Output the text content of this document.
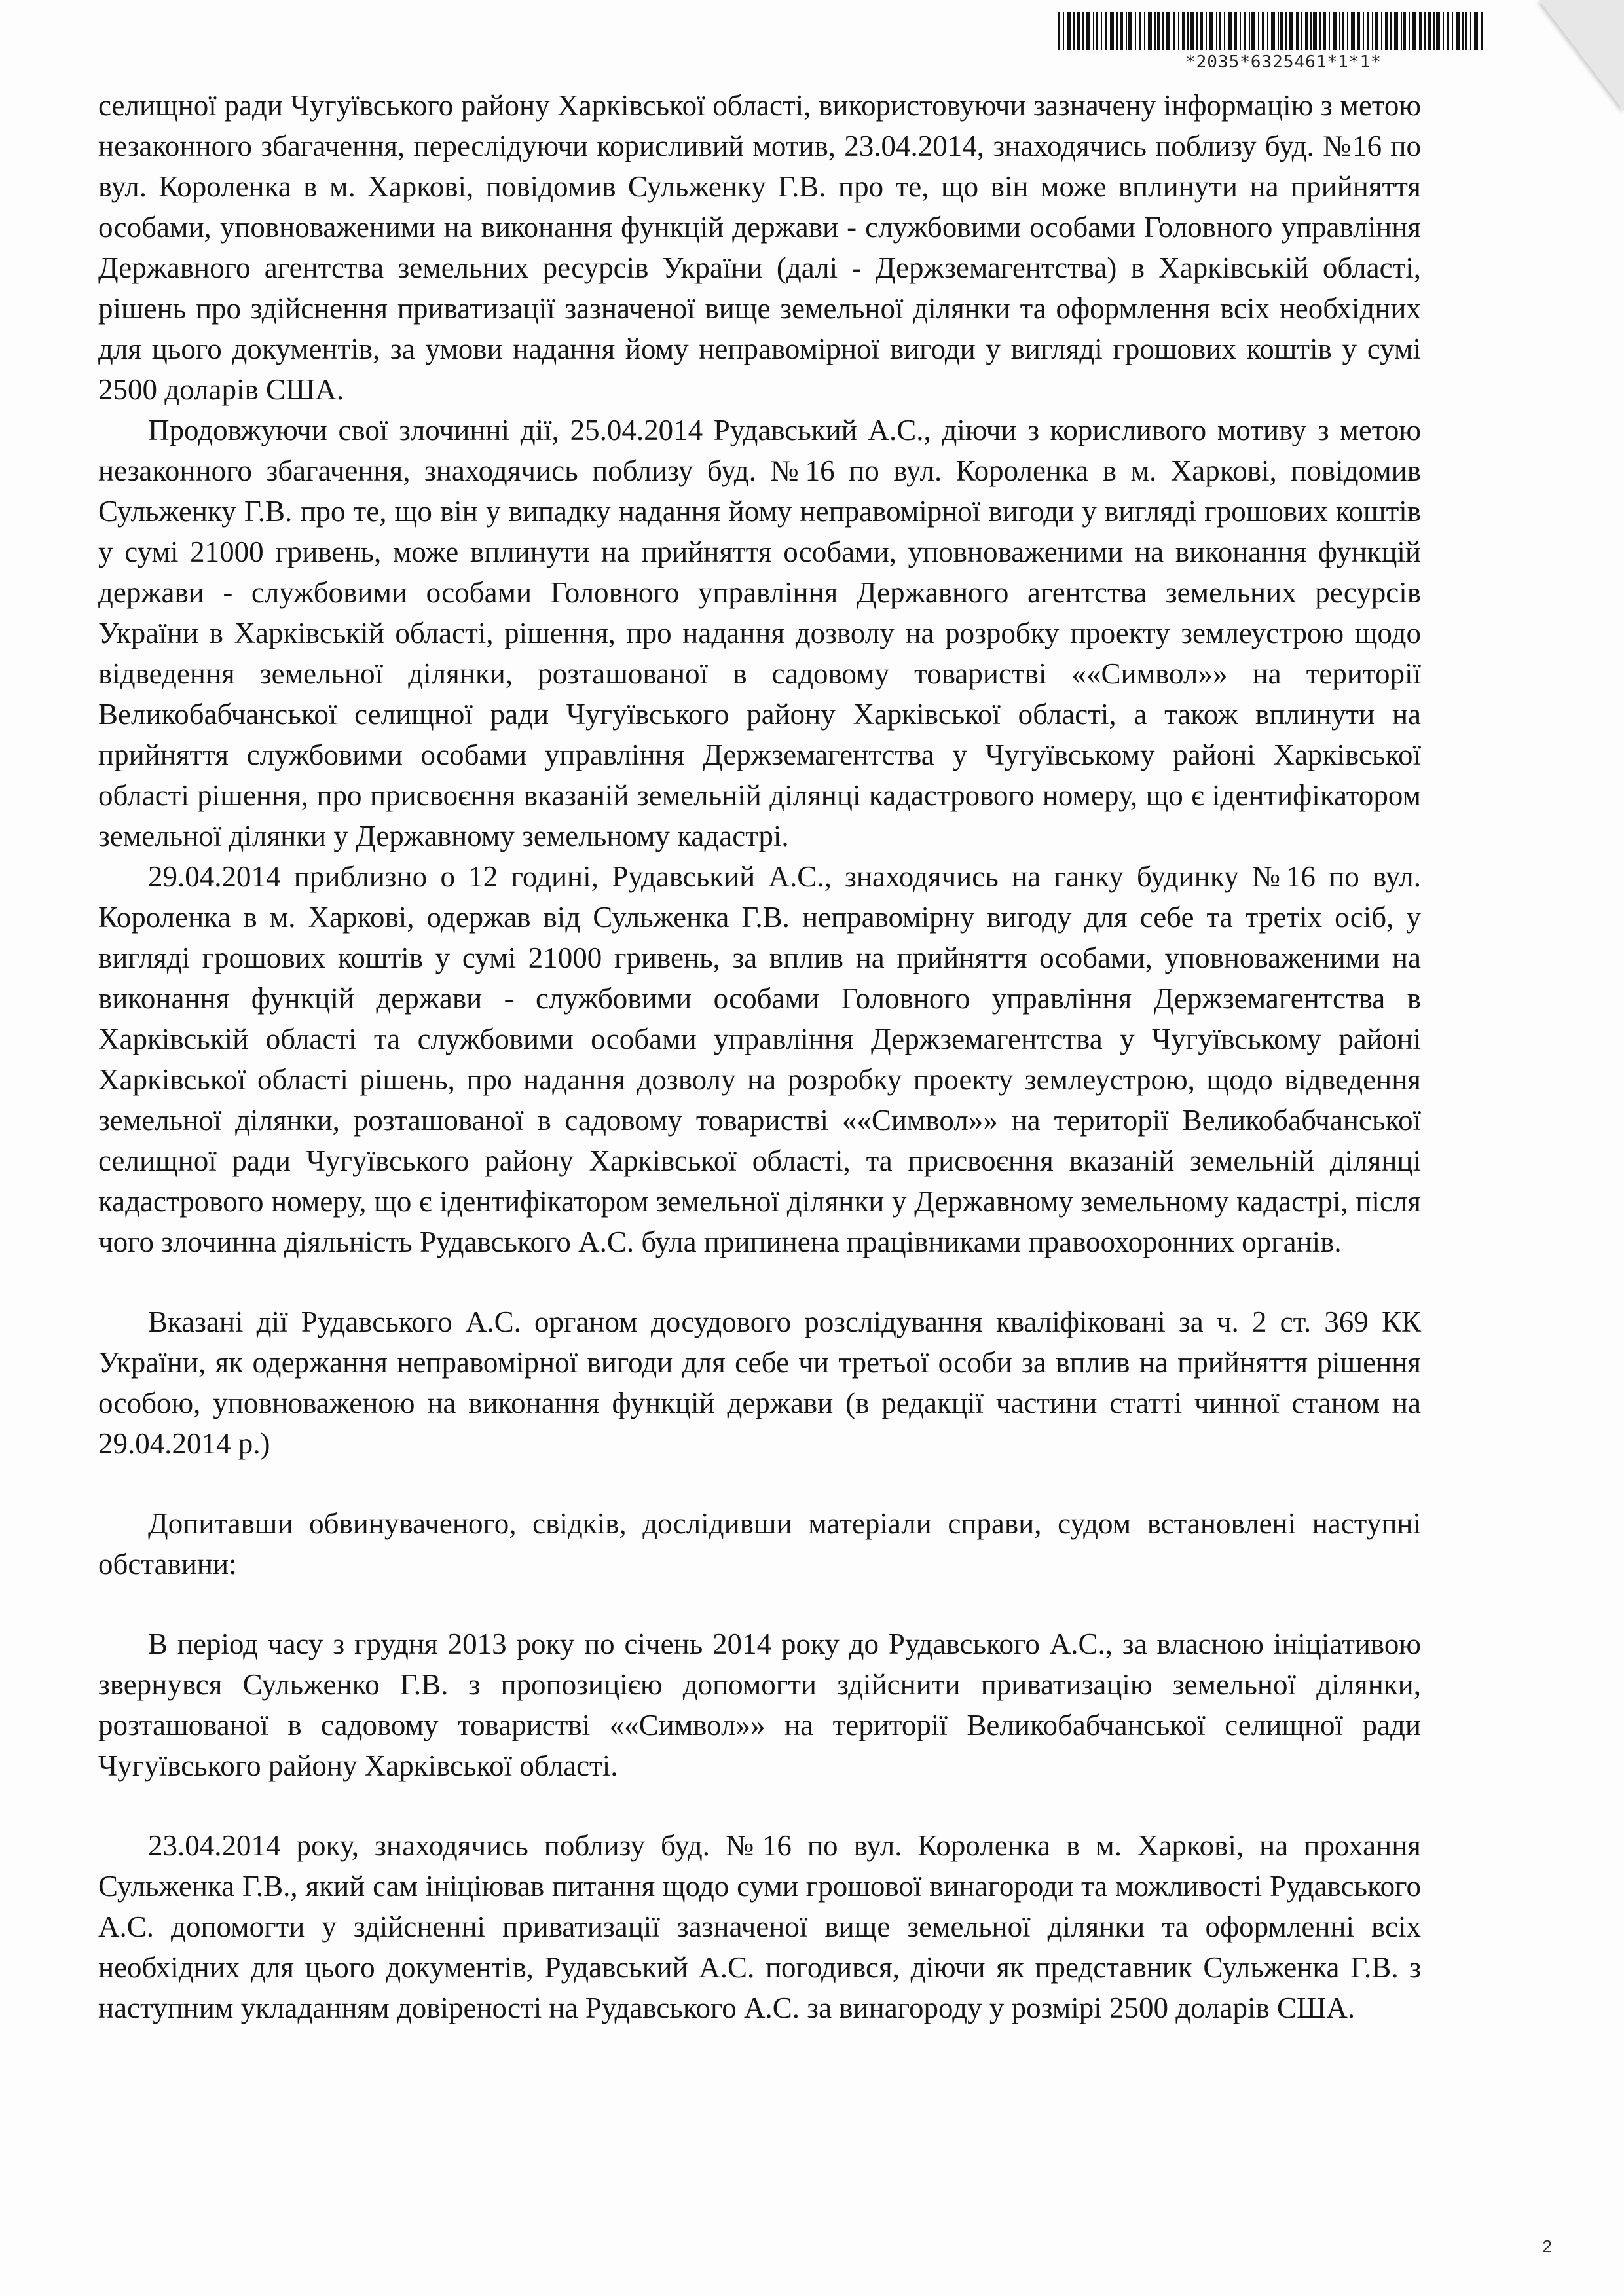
*2035*6325461*1*1*

селищної ради Чугуївського району Харківської області, використовуючи зазначену інформацію з метою незаконного збагачення, переслідуючи корисливий мотив, 23.04.2014, знаходячись поблизу буд. №16 по вул. Короленка в м. Харкові, повідомив Сульженку Г.В. про те, що він може вплинути на прийняття особами, уповноваженими на виконання функцій держави - службовими особами Головного управління Державного агентства земельних ресурсів України (далі - Держземагентства) в Харківській області, рішень про здійснення приватизації зазначеної вище земельної ділянки та оформлення всіх необхідних для цього документів, за умови надання йому неправомірної вигоди у вигляді грошових коштів у сумі 2500 доларів США.

Продовжуючи свої злочинні дії, 25.04.2014 Рудавський А.С., діючи з корисливого мотиву з метою незаконного збагачення, знаходячись поблизу буд. №16 по вул. Короленка в м. Харкові, повідомив Сульженку Г.В. про те, що він у випадку надання йому неправомірної вигоди у вигляді грошових коштів у сумі 21000 гривень, може вплинути на прийняття особами, уповноваженими на виконання функцій держави - службовими особами Головного управління Державного агентства земельних ресурсів України в Харківській області, рішення, про надання дозволу на розробку проекту землеустрою щодо відведення земельної ділянки, розташованої в садовому товаристві ««Символ»» на території Великобабчанської селищної ради Чугуївського району Харківської області, а також вплинути на прийняття службовими особами управління Держземагентства у Чугуївському районі Харківської області рішення, про присвоєння вказаній земельній ділянці кадастрового номеру, що є ідентифікатором земельної ділянки у Державному земельному кадастрі.

29.04.2014 приблизно о 12 годині, Рудавський А.С., знаходячись на ганку будинку №16 по вул. Короленка в м. Харкові, одержав від Сульженка Г.В. неправомірну вигоду для себе та третіх осіб, у вигляді грошових коштів у сумі 21000 гривень, за вплив на прийняття особами, уповноваженими на виконання функцій держави - службовими особами Головного управління Держземагентства в Харківській області та службовими особами управління Держземагентства у Чугуївському районі Харківської області рішень, про надання дозволу на розробку проекту землеустрою, щодо відведення земельної ділянки, розташованої в садовому товаристві ««Символ»» на території Великобабчанської селищної ради Чугуївського району Харківської області, та присвоєння вказаній земельній ділянці кадастрового номеру, що є ідентифікатором земельної ділянки у Державному земельному кадастрі, після чого злочинна діяльність Рудавського А.С. була припинена працівниками правоохоронних органів.

Вказані дії Рудавського А.С. органом досудового розслідування кваліфіковані за ч. 2 ст. 369 КК України, як одержання неправомірної вигоди для себе чи третьої особи за вплив на прийняття рішення особою, уповноваженою на виконання функцій держави (в редакції частини статті чинної станом на 29.04.2014 р.)

Допитавши обвинуваченого, свідків, дослідивши матеріали справи, судом встановлені наступні обставини:

В період часу з грудня 2013 року по січень 2014 року до Рудавського А.С., за власною ініціативою звернувся Сульженко Г.В. з пропозицією допомогти здійснити приватизацію земельної ділянки, розташованої в садовому товаристві ««Символ»» на території Великобабчанської селищної ради Чугуївського району Харківської області.

23.04.2014 року, знаходячись поблизу буд. №16 по вул. Короленка в м. Харкові, на прохання Сульженка Г.В., який сам ініціював питання щодо суми грошової винагороди та можливості Рудавського А.С. допомогти у здійсненні приватизації зазначеної вище земельної ділянки та оформленні всіх необхідних для цього документів, Рудавський А.С. погодився, діючи як представник Сульженка Г.В. з наступним укладанням довіреності на Рудавського А.С. за винагороду у розмірі 2500 доларів США.

2
